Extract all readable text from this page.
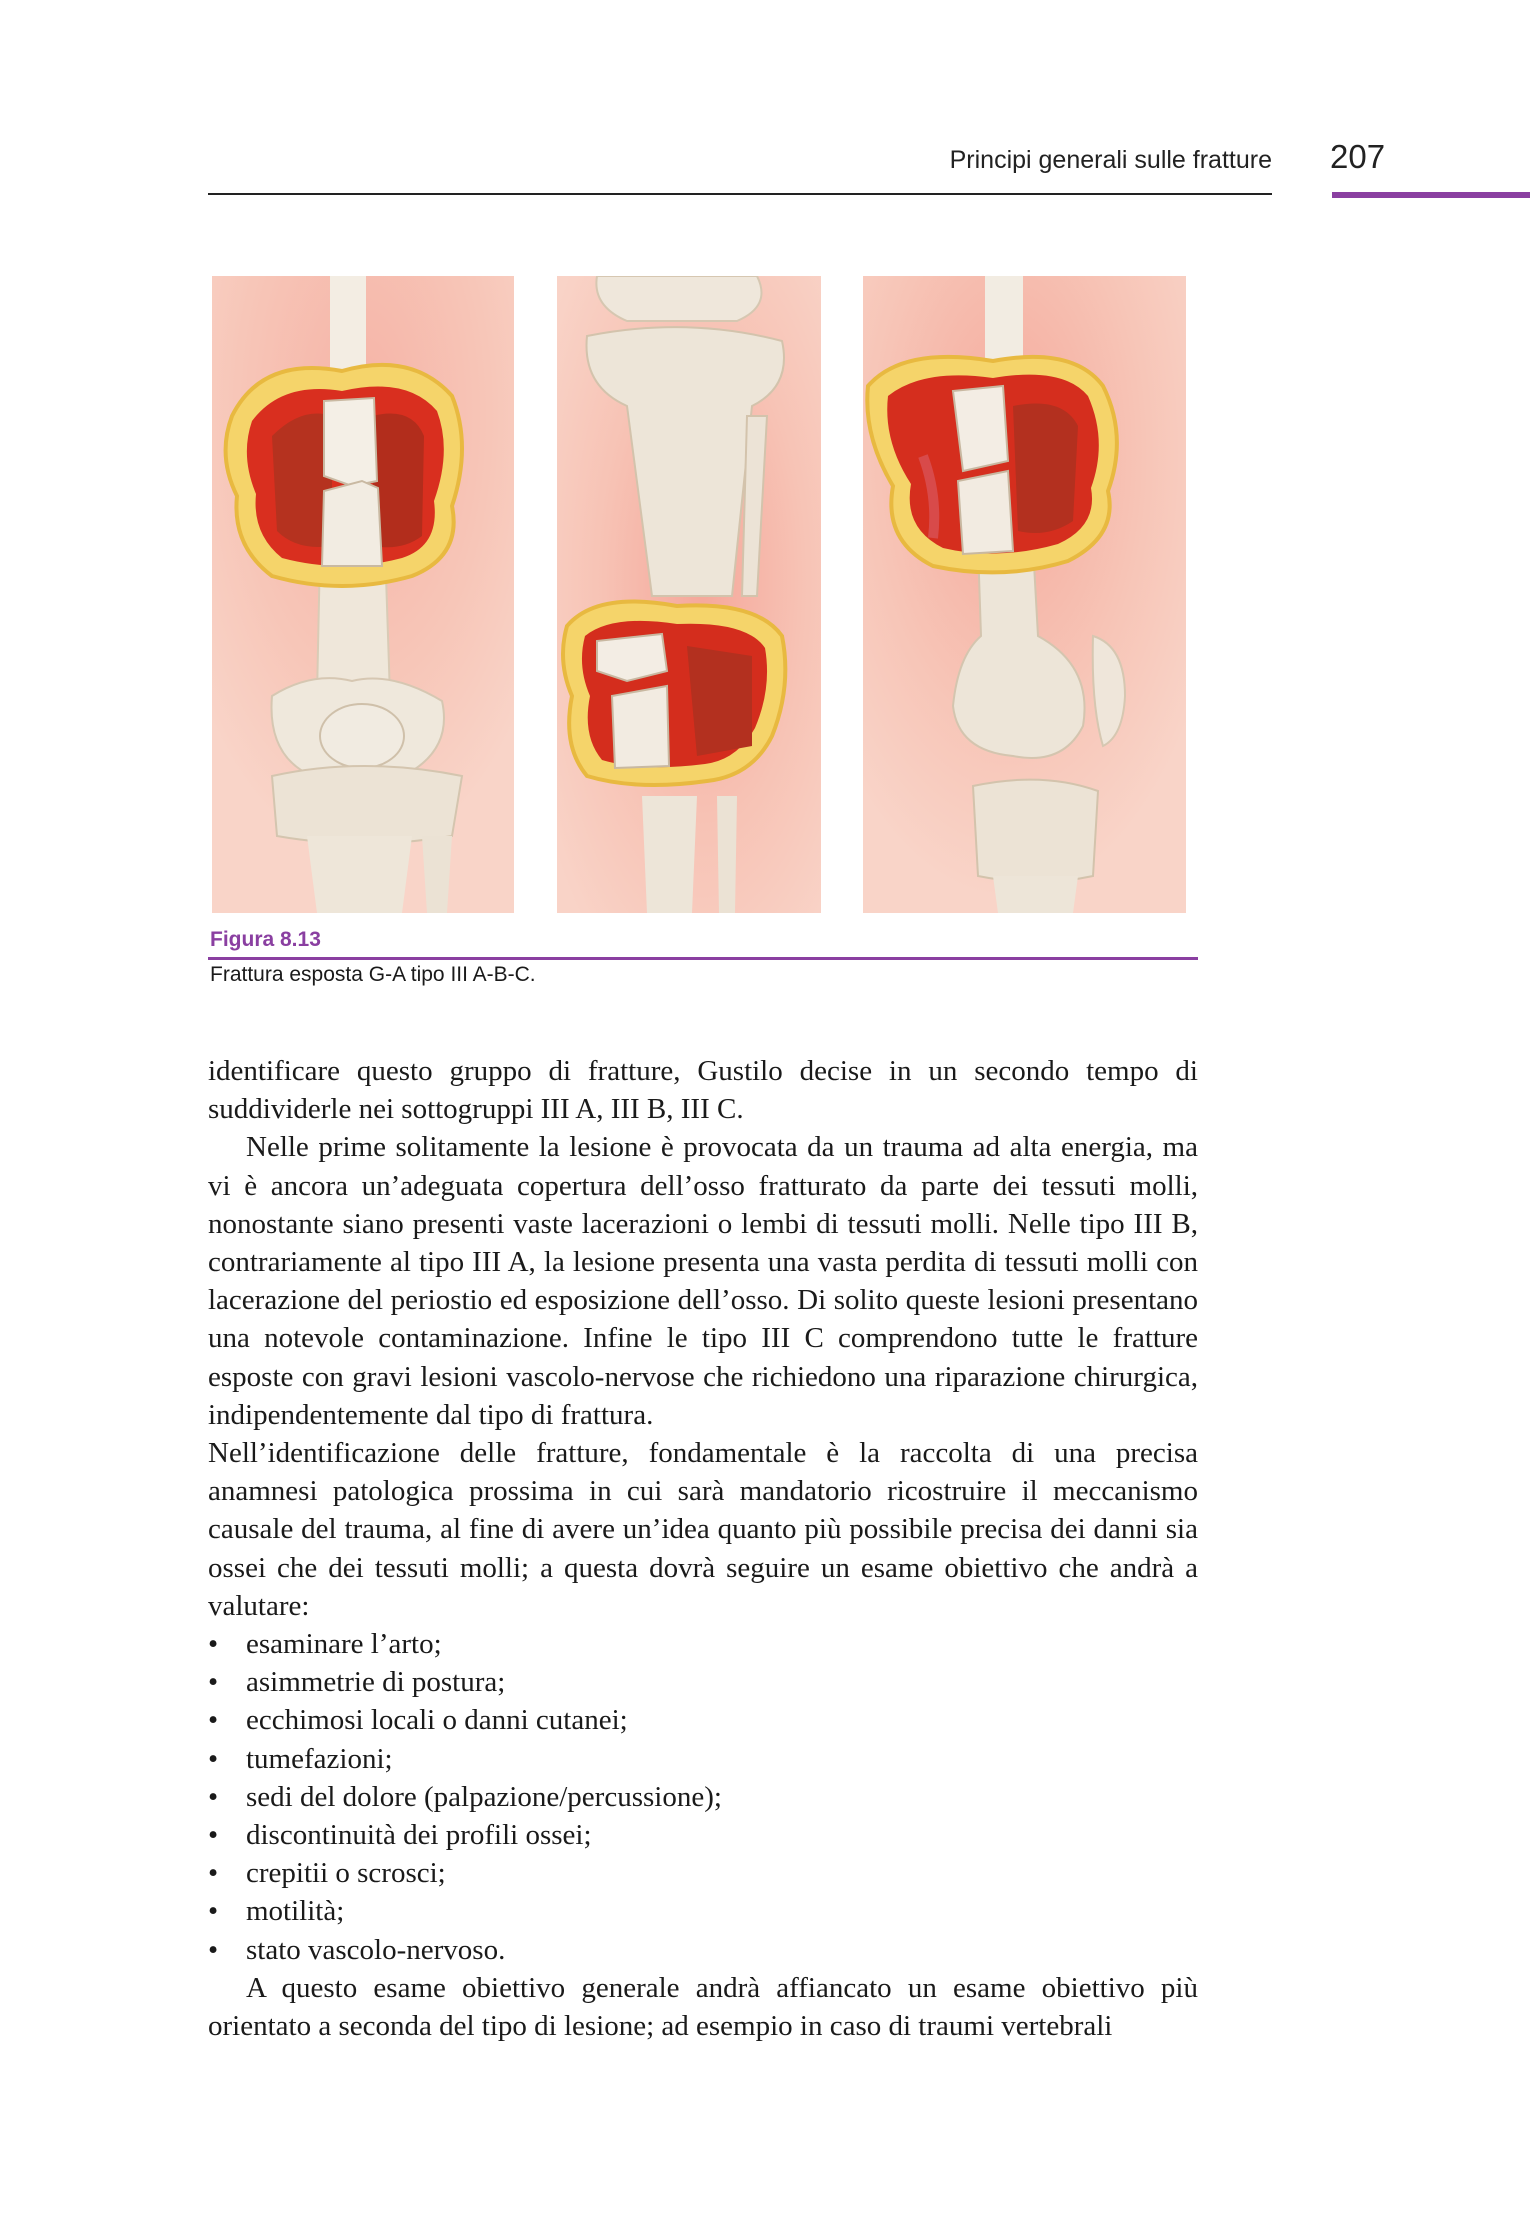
Principi generali sulle fratture 207
Figura 8.13
Frattura esposta G-A tipo III A-B-C.

identificare questo gruppo di fratture, Gustilo decise in un secondo tempo di suddividerle nei sottogruppi III A, III B, III C.

Nelle prime solitamente la lesione è provocata da un trauma ad alta energia, ma vi è ancora un’adeguata copertura dell’osso fratturato da parte dei tessuti molli, nonostante siano presenti vaste lacerazioni o lembi di tessuti molli. Nelle tipo III B, contrariamente al tipo III A, la lesione presenta una vasta perdita di tessuti molli con lacerazione del periostio ed esposizione dell’osso. Di solito queste lesioni presentano una notevole contaminazione. Infine le tipo III C comprendono tutte le fratture esposte con gravi lesioni vascolo-nervose che richiedono una riparazione chirurgica, indipendentemente dal tipo di frattura.

Nell’identificazione delle fratture, fondamentale è la raccolta di una precisa anamnesi patologica prossima in cui sarà mandatorio ricostruire il meccanismo causale del trauma, al fine di avere un’idea quanto più possibile precisa dei danni sia ossei che dei tessuti molli; a questa dovrà seguire un esame obiettivo che andrà a valutare:

• esaminare l’arto;
• asimmetrie di postura;
• ecchimosi locali o danni cutanei;
• tumefazioni;
• sedi del dolore (palpazione/percussione);
• discontinuità dei profili ossei;
• crepitii o scrosci;
• motilità;
• stato vascolo-nervoso.

A questo esame obiettivo generale andrà affiancato un esame obiettivo più orientato a seconda del tipo di lesione; ad esempio in caso di traumi vertebrali
